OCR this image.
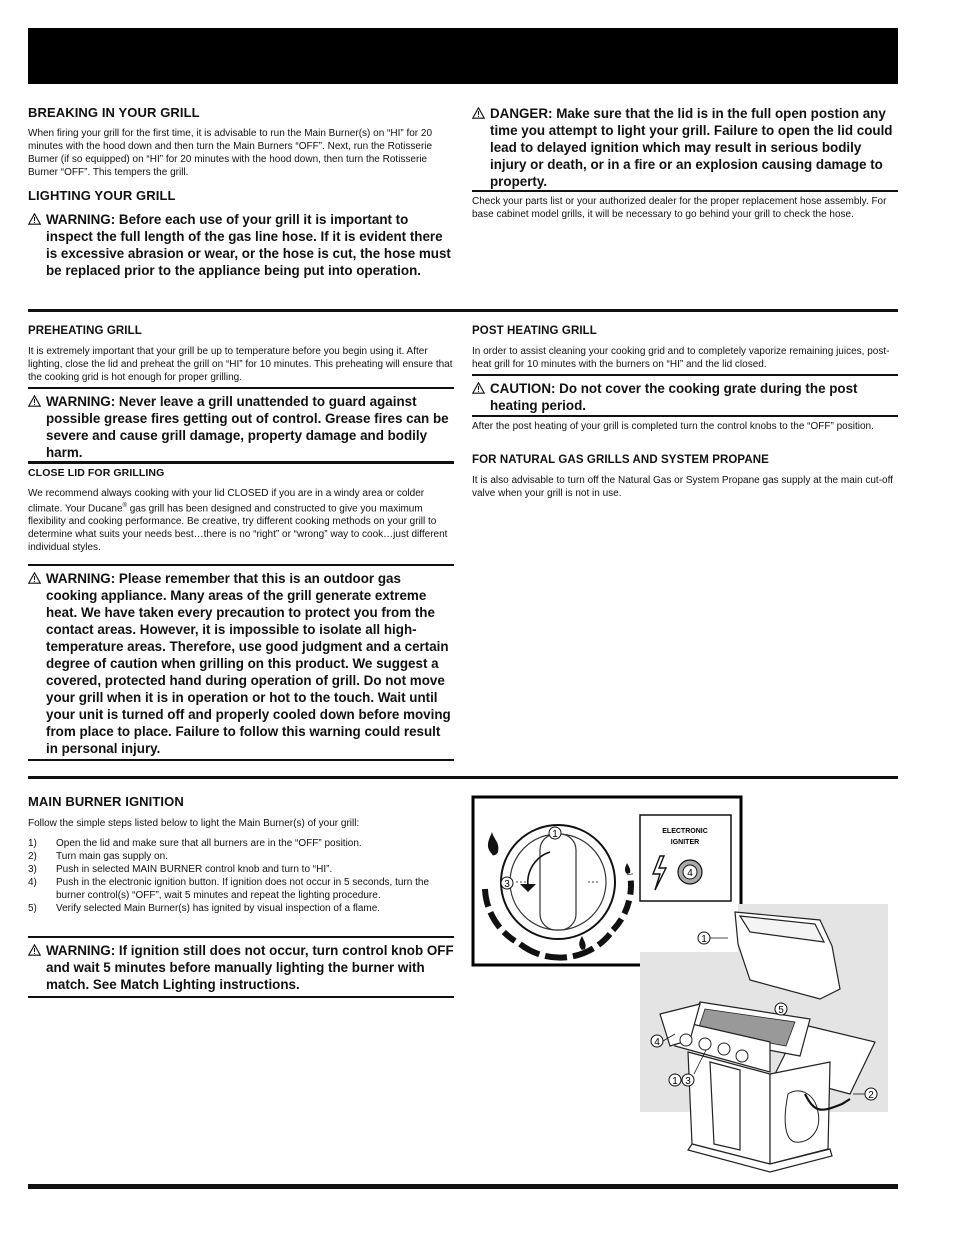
BREAKING IN YOUR GRILL

When firing your grill for the first time, it is advisable to run the Main Burner(s) on “HI” for 20 minutes with the hood down and then turn the Main Burners “OFF”. Next, run the Rotisserie Burner (if so equipped) on “HI” for 20 minutes with the hood down, then turn the Rotisserie Burner “OFF”. This tempers the grill.

LIGHTING YOUR GRILL
WARNING: Before each use of your grill it is important to inspect the full length of the gas line hose. If it is evident there is excessive abrasion or wear, or the hose is cut, the hose must be replaced prior to the appliance being put into operation.
DANGER: Make sure that the lid is in the full open postion any time you attempt to light your grill. Failure to open the lid could lead to delayed ignition which may result in serious bodily injury or death, or in a fire or an explosion causing damage to property.

Check your parts list or your authorized dealer for the proper replacement hose assembly. For base cabinet model grills, it will be necessary to go behind your grill to check the hose.

PREHEATING GRILL

It is extremely important that your grill be up to temperature before you begin using it. After lighting, close the lid and preheat the grill on “HI” for 10 minutes. This preheating will ensure that the cooking grid is hot enough for proper grilling.

WARNING: Never leave a grill unattended to guard against possible grease fires getting out of control. Grease fires can be severe and cause grill damage, property damage and bodily harm.
CLOSE LID FOR GRILLING

We recommend always cooking with your lid CLOSED if you are in a windy area or colder climate. Your Ducane® gas grill has been designed and constructed to give you maximum flexibility and cooking performance. Be creative, try different cooking methods on your grill to determine what suits your needs best…there is no “right” or “wrong” way to cook…just different individual styles.

WARNING: Please remember that this is an outdoor gas cooking appliance. Many areas of the grill generate extreme heat. We have taken every precaution to protect you from the contact areas. However, it is impossible to isolate all high-temperature areas. Therefore, use good judgment and a certain degree of caution when grilling on this product. We suggest a covered, protected hand during operation of grill. Do not move your grill when it is in operation or hot to the touch. Wait until your unit is turned off and properly cooled down before moving from place to place. Failure to follow this warning could result in personal injury.
POST HEATING GRILL

In order to assist cleaning your cooking grid and to completely vaporize remaining juices, post-heat grill for 10 minutes with the burners on “HI” and the lid closed.

CAUTION: Do not cover the cooking grate during the post heating period.

After the post heating of your grill is completed turn the control knobs to the “OFF” position.

FOR NATURAL GAS GRILLS AND SYSTEM PROPANE

It is also advisable to turn off the Natural Gas or System Propane gas supply at the main cut-off valve when your grill is not in use.

MAIN BURNER IGNITION

Follow the simple steps listed below to light the Main Burner(s) of your grill:

1) Open the lid and make sure that all burners are in the “OFF” position.
2) Turn main gas supply on.
3) Push in selected MAIN BURNER control knob and turn to “HI”.
4) Push in the electronic ignition button. If ignition does not occur in 5 seconds, turn the burner control(s) “OFF”, wait 5 minutes and repeat the lighting procedure.
5) Verify selected Main Burner(s) has ignited by visual inspection of a flame.
WARNING: If ignition still does not occur, turn control knob OFF and wait 5 minutes before manually lighting the burner with match. See Match Lighting instructions.
1
3
ELECTRONIC
IGNITER
4
1
5
4
1 3
2
